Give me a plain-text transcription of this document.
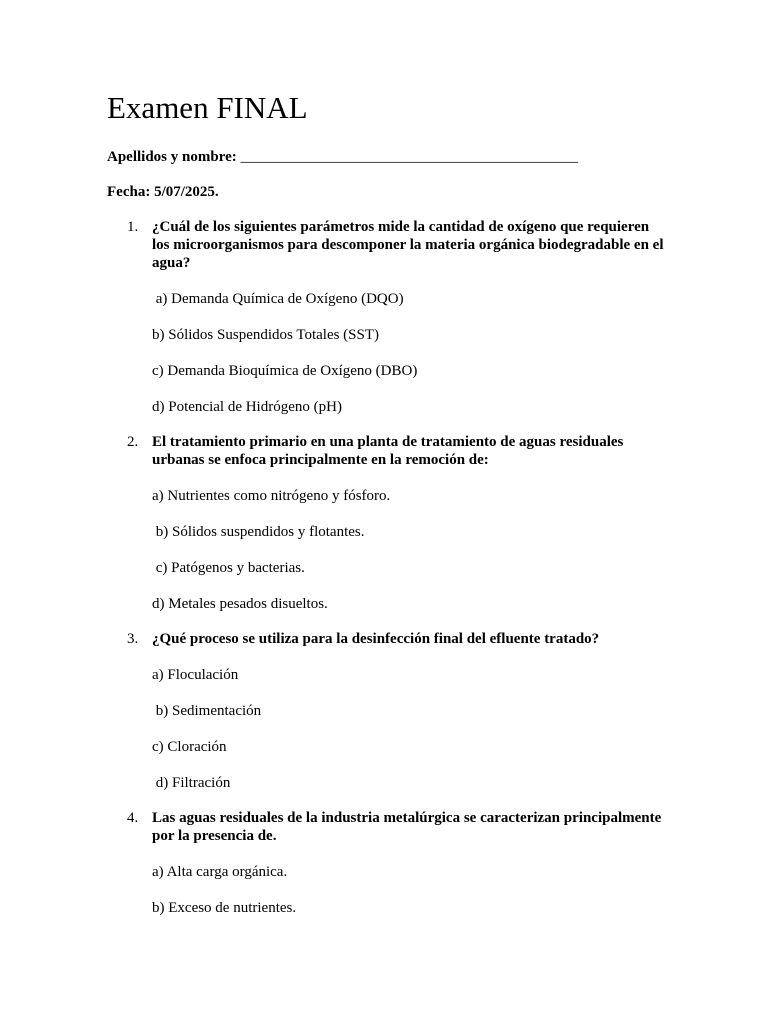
Examen FINAL

Apellidos y nombre: _____________________________________________

Fecha: 5/07/2025.

1. ¿Cuál de los siguientes parámetros mide la cantidad de oxígeno que requieren los microorganismos para descomponer la materia orgánica biodegradable en el agua?
a) Demanda Química de Oxígeno (DQO)
b) Sólidos Suspendidos Totales (SST)
c) Demanda Bioquímica de Oxígeno (DBO)
d) Potencial de Hidrógeno (pH)
2. El tratamiento primario en una planta de tratamiento de aguas residuales urbanas se enfoca principalmente en la remoción de:
a) Nutrientes como nitrógeno y fósforo.
b) Sólidos suspendidos y flotantes.
c) Patógenos y bacterias.
d) Metales pesados disueltos.
3. ¿Qué proceso se utiliza para la desinfección final del efluente tratado?
a) Floculación
b) Sedimentación
c) Cloración
d) Filtración
4. Las aguas residuales de la industria metalúrgica se caracterizan principalmente por la presencia de.
a) Alta carga orgánica.
b) Exceso de nutrientes.
